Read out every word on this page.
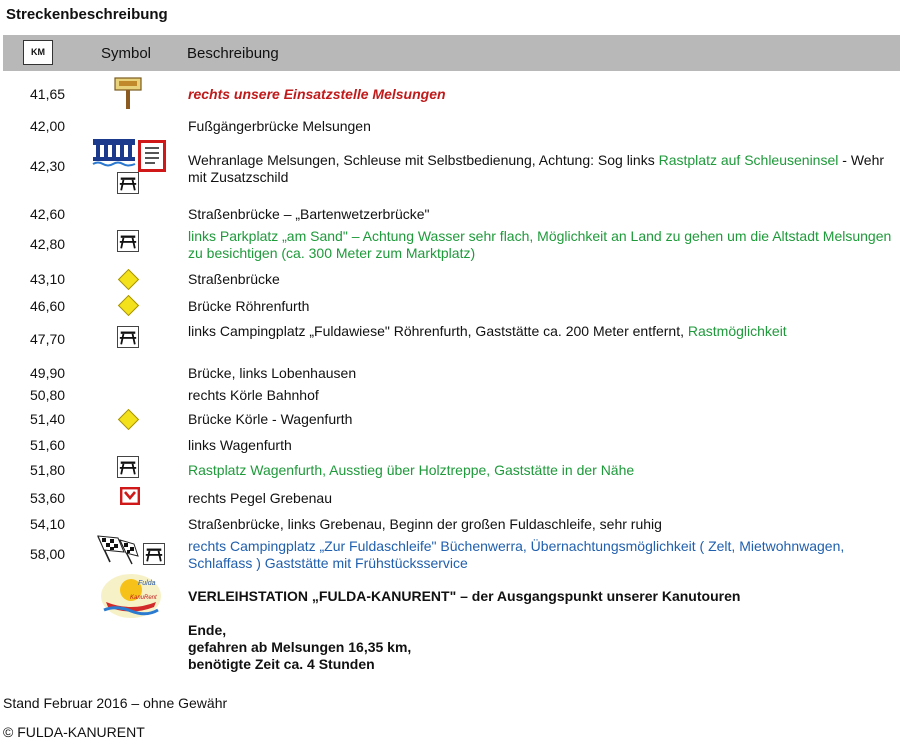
Streckenbeschreibung
KM	Symbol Beschreibung
41,65
42,00
42,30
42,60
42,80
43,10
46,60
47,70
49,90
50,80
51,40
51,60
51,80
53,60
54,10
58,00
rechts unsere Einsatzstelle Melsungen
Fußgängerbrücke Melsungen
Wehranlage Melsungen, Schleuse mit Selbstbedienung, Achtung: Sog links Rastplatz auf Schleuseninsel - Wehr mit Zusatzschild
Straßenbrücke – „Bartenwetzerbrücke"
links Parkplatz „am Sand" – Achtung Wasser sehr flach, Möglichkeit an Land zu gehen um die Altstadt Melsungen zu besichtigen (ca. 300 Meter zum Marktplatz)
Straßenbrücke
Brücke Röhrenfurth
links Campingplatz „Fuldawiese" Röhrenfurth, Gaststätte ca. 200 Meter entfernt, Rastmöglichkeit
Brücke, links Lobenhausen
rechts Körle Bahnhof
Brücke Körle - Wagenfurth
links Wagenfurth
Rastplatz Wagenfurth, Ausstieg über Holztreppe, Gaststätte in der Nähe
rechts Pegel Grebenau
Straßenbrücke, links Grebenau, Beginn der großen Fuldaschleife, sehr ruhig
rechts Campingplatz „Zur Fuldaschleife" Büchenwerra, Übernachtungsmöglichkeit ( Zelt, Mietwohnwagen, Schlaffass ) Gaststätte mit Frühstücksservice
VERLEIHSTATION „FULDA-KANURENT" – der Ausgangspunkt unserer Kanutouren
Ende,
gefahren ab Melsungen 16,35 km,
benötigte Zeit ca. 4 Stunden
Stand Februar 2016 – ohne Gewähr
© FULDA-KANURENT
Fulda
KanuRent
